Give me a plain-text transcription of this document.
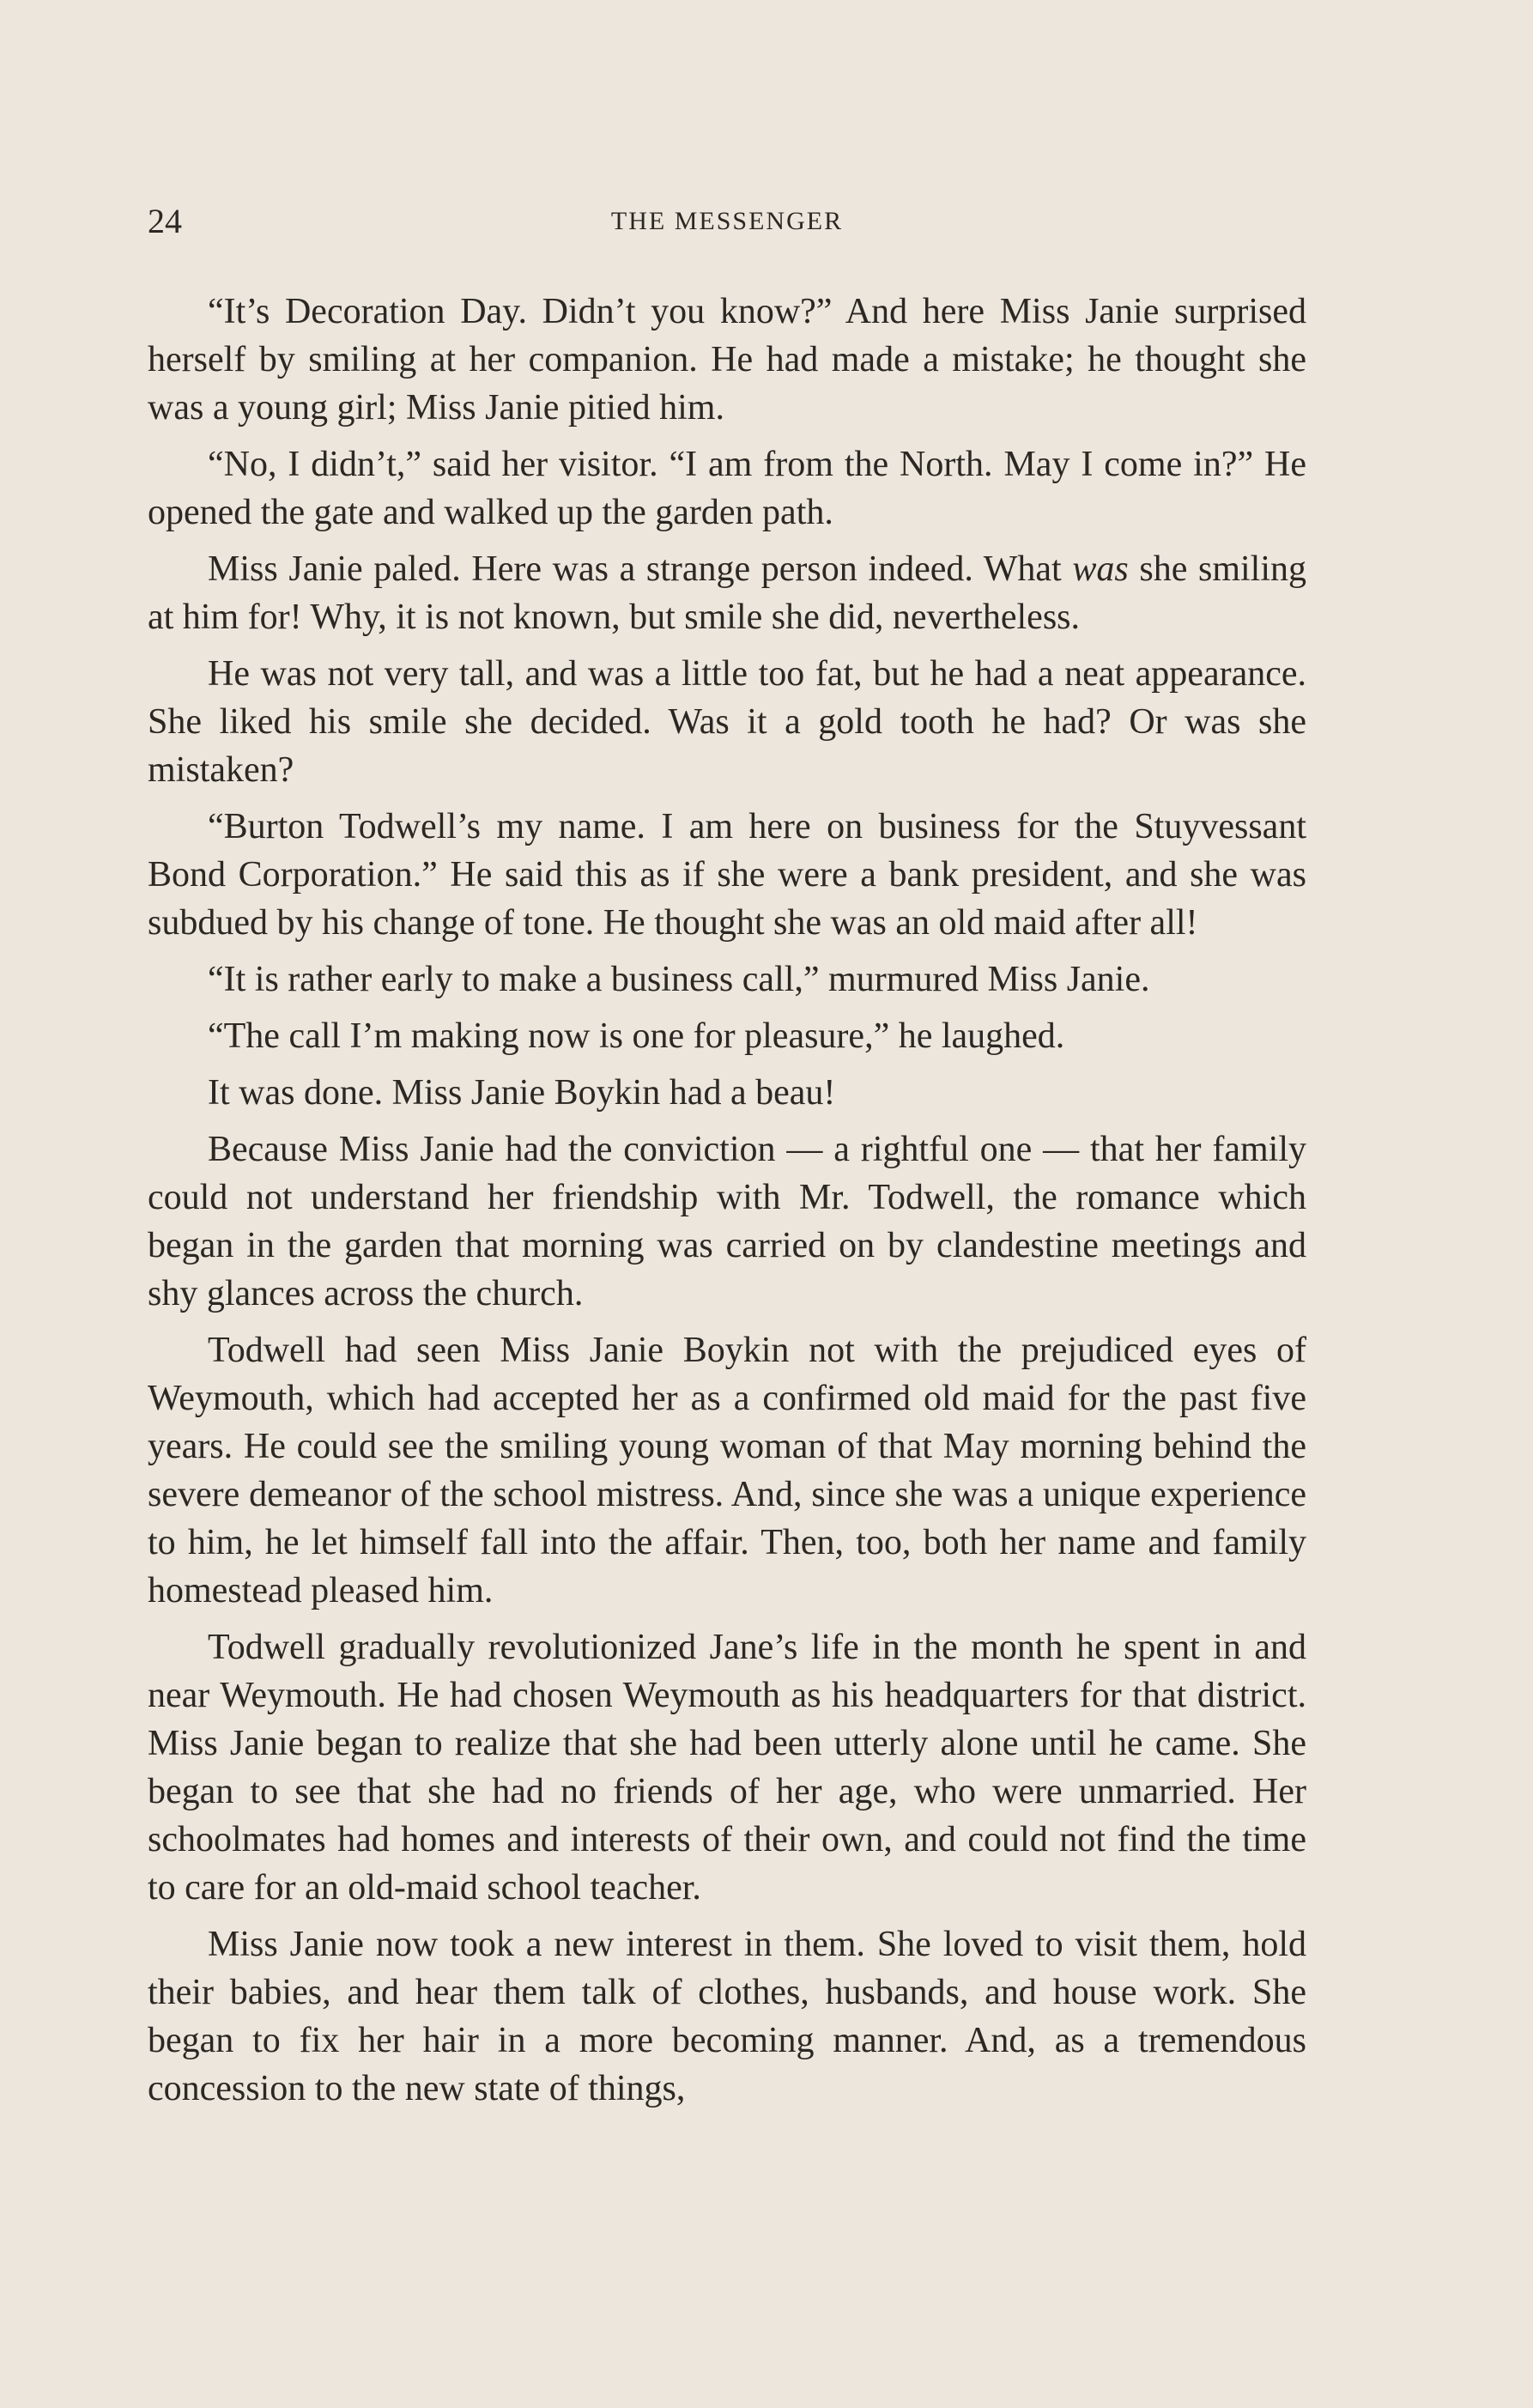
24	THE MESSENGER

“It’s Decoration Day. Didn’t you know?” And here Miss Janie surprised herself by smiling at her companion. He had made a mistake; he thought she was a young girl; Miss Janie pitied him.

“No, I didn’t,” said her visitor. “I am from the North. May I come in?” He opened the gate and walked up the garden path.

Miss Janie paled. Here was a strange person indeed. What was she smiling at him for! Why, it is not known, but smile she did, nevertheless.

He was not very tall, and was a little too fat, but he had a neat appearance. She liked his smile she decided. Was it a gold tooth he had? Or was she mistaken?

“Burton Todwell’s my name. I am here on business for the Stuyvessant Bond Corporation.” He said this as if she were a bank president, and she was subdued by his change of tone. He thought she was an old maid after all!

“It is rather early to make a business call,” murmured Miss Janie.

“The call I’m making now is one for pleasure,” he laughed.

It was done. Miss Janie Boykin had a beau!

Because Miss Janie had the conviction — a rightful one — that her family could not understand her friendship with Mr. Todwell, the romance which began in the garden that morning was carried on by clandestine meetings and shy glances across the church.

Todwell had seen Miss Janie Boykin not with the prejudiced eyes of Weymouth, which had accepted her as a confirmed old maid for the past five years. He could see the smiling young woman of that May morning behind the severe demeanor of the school mistress. And, since she was a unique experience to him, he let himself fall into the affair. Then, too, both her name and family homestead pleased him.

Todwell gradually revolutionized Jane’s life in the month he spent in and near Weymouth. He had chosen Weymouth as his headquarters for that district. Miss Janie began to realize that she had been utterly alone until he came. She began to see that she had no friends of her age, who were unmarried. Her schoolmates had homes and interests of their own, and could not find the time to care for an old-maid school teacher.

Miss Janie now took a new interest in them. She loved to visit them, hold their babies, and hear them talk of clothes, husbands, and house work. She began to fix her hair in a more becoming manner. And, as a tremendous concession to the new state of things,
